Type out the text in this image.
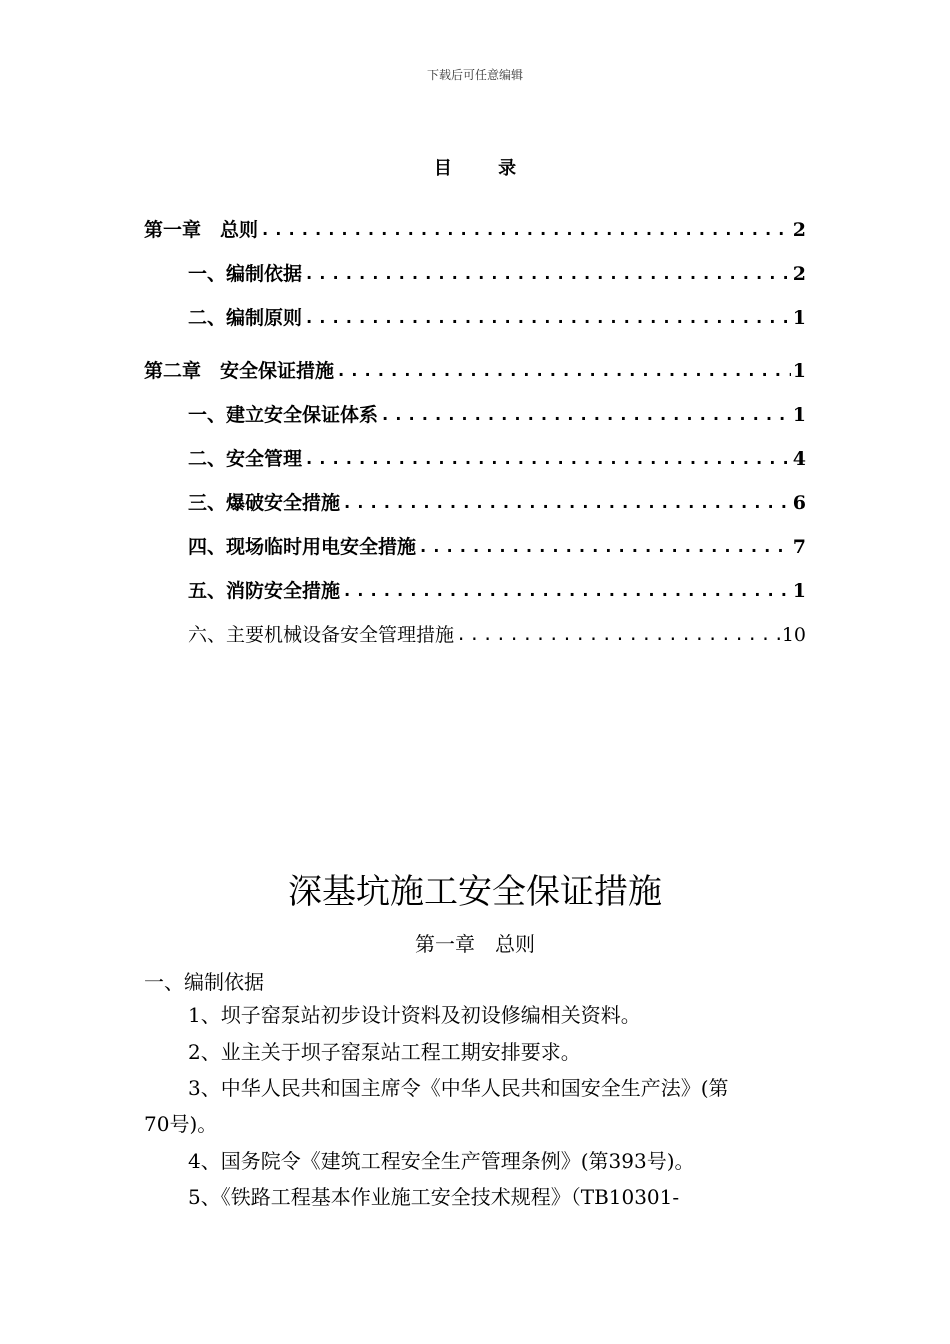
下载后可任意编辑
目 录
第一章　总则 .....	2
一、编制依据 .....	2
二、编制原则 .....	1
第二章　安全保证措施 .....	1
一、建立安全保证体系 .....	1
二、安全管理 .....	4
三、爆破安全措施 .....	6
四、现场临时用电安全措施 .....	7
五、消防安全措施 .....	1
六、主要机械设备安全管理措施 .....	10
深基坑施工安全保证措施
第一章　总则
一、编制依据
1、坝子窑泵站初步设计资料及初设修编相关资料。
2、业主关于坝子窑泵站工程工期安排要求。
3、中华人民共和国主席令《中华人民共和国安全生产法》(第
70号)。
4、国务院令《建筑工程安全生产管理条例》(第393号)。
5、《铁路工程基本作业施工安全技术规程》（TB10301-
